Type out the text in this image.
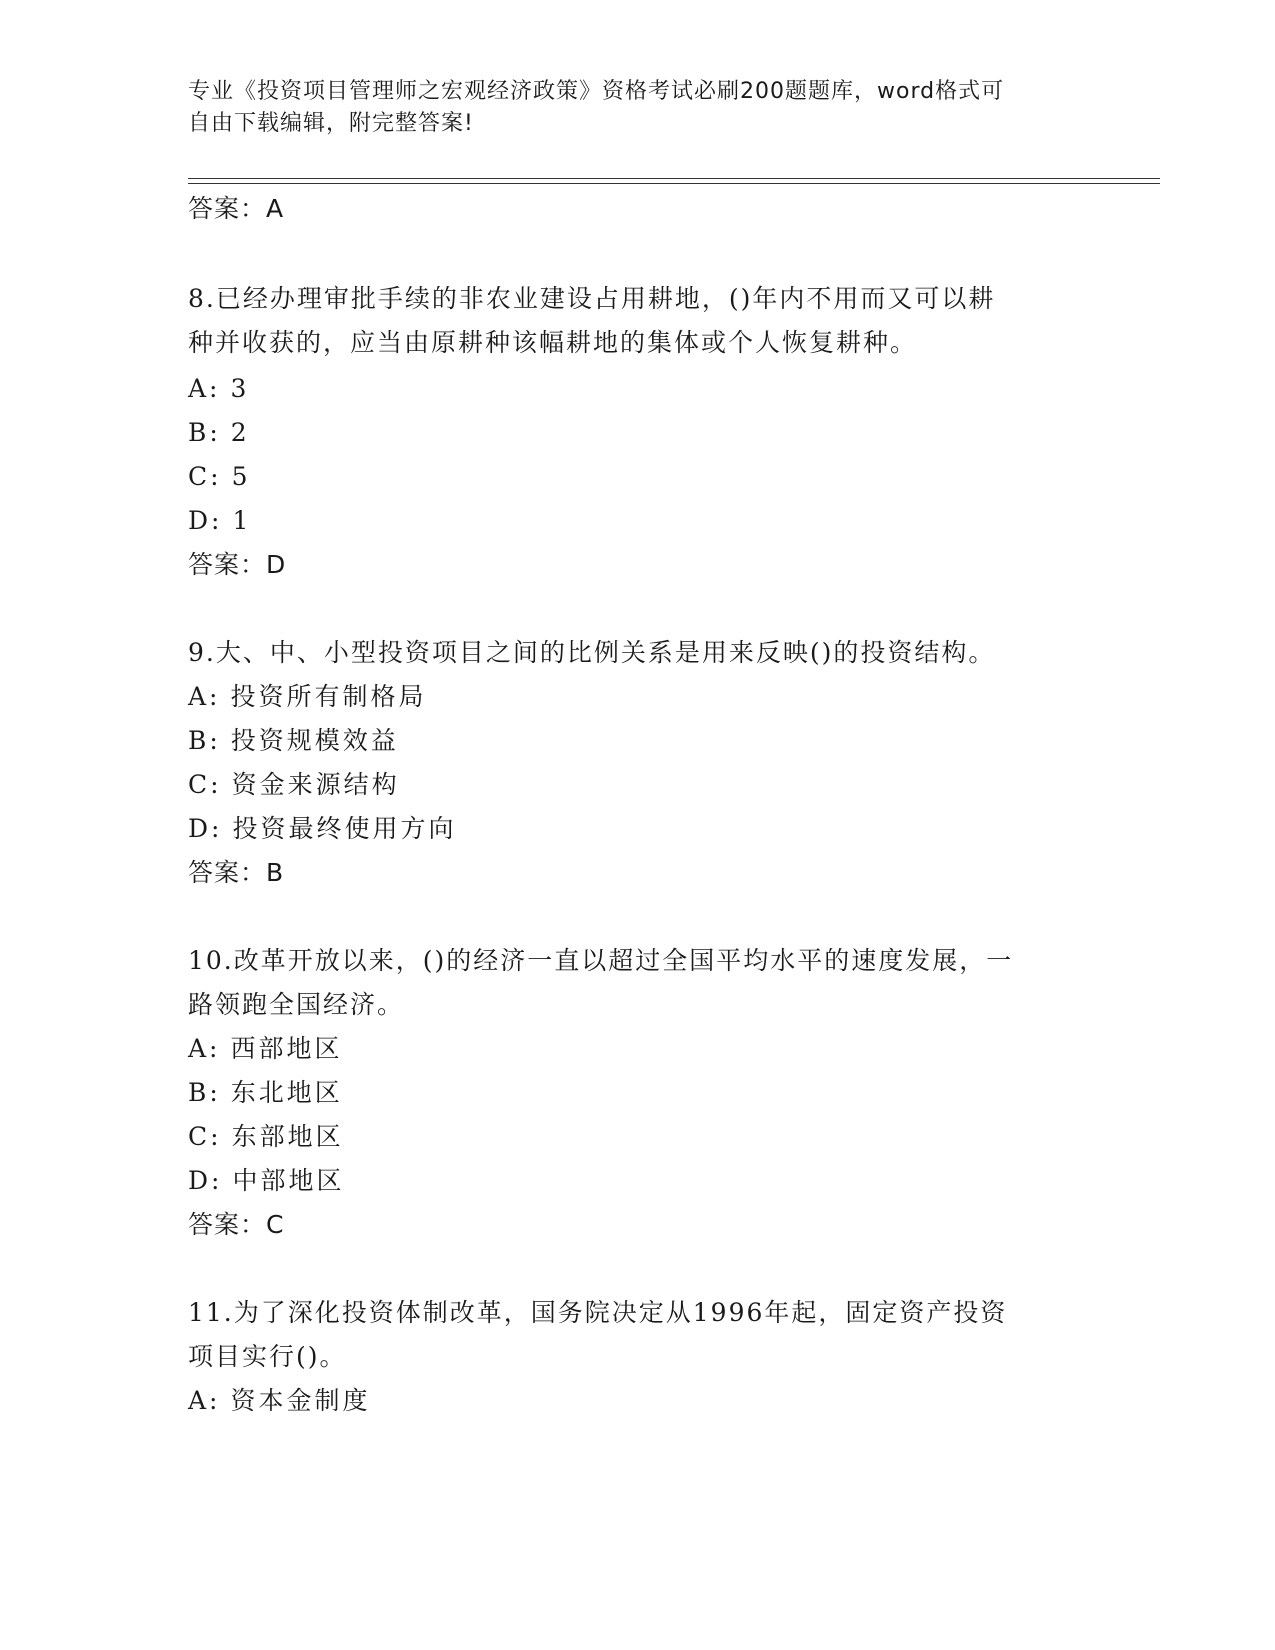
专业《投资项目管理师之宏观经济政策》资格考试必刷200题题库，word格式可
自由下载编辑，附完整答案!
答案：A
8.已经办理审批手续的非农业建设占用耕地，()年内不用而又可以耕
种并收获的，应当由原耕种该幅耕地的集体或个人恢复耕种。
A: 3
B: 2
C: 5
D: 1
答案：D
9.大、中、小型投资项目之间的比例关系是用来反映()的投资结构。
A: 投资所有制格局
B: 投资规模效益
C: 资金来源结构
D: 投资最终使用方向
答案：B
10.改革开放以来，()的经济一直以超过全国平均水平的速度发展，一
路领跑全国经济。
A: 西部地区
B: 东北地区
C: 东部地区
D: 中部地区
答案：C
11.为了深化投资体制改革，国务院决定从1996年起，固定资产投资
项目实行()。
A: 资本金制度
